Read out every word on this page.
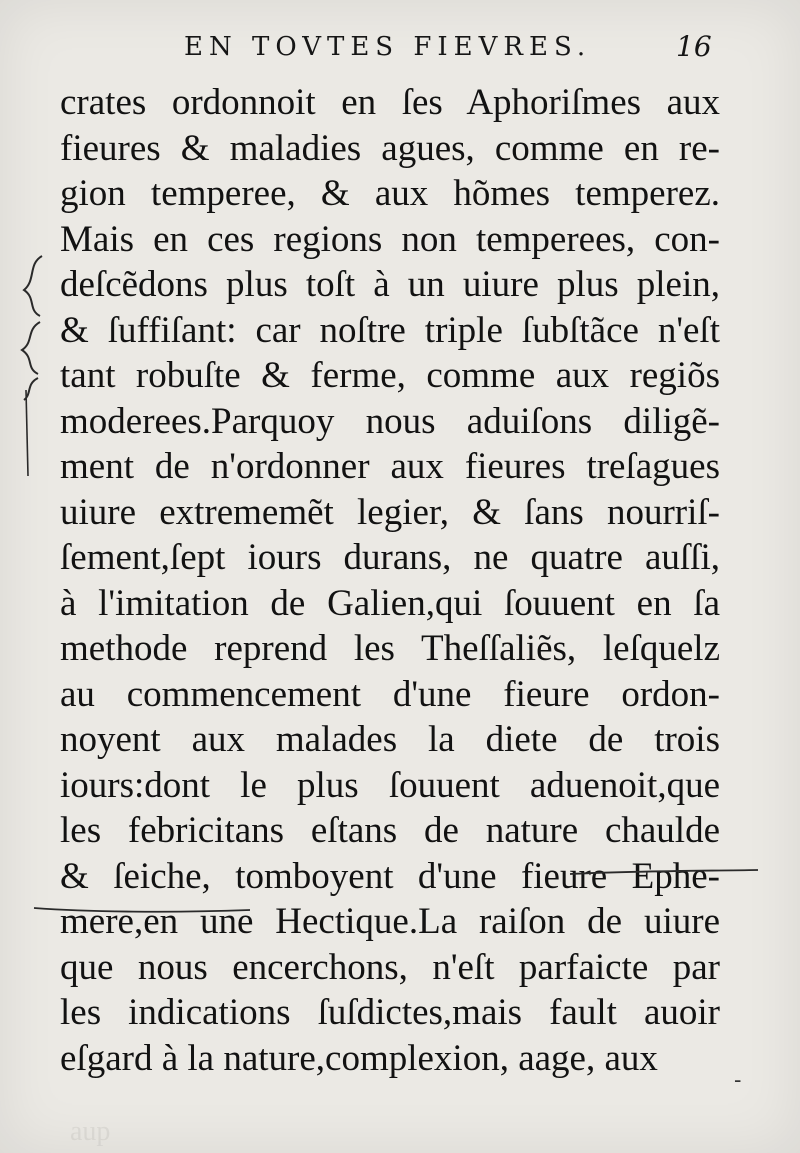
EN TOVTES FIEVRES.	16
crates ordonnoit en ſes Aphoriſmes aux
fieures & maladies agues, comme en re-
gion temperee, & aux hõmes temperez.
Mais en ces regions non temperees, con-
deſcẽdons plus toſt à un uiure plus plein,
& ſuffiſant: car noſtre triple ſubſtãce n'eſt
tant robuſte & ferme, comme aux regiõs
moderees.Parquoy nous aduiſons diligẽ-
ment de n'ordonner aux fieures treſagues
uiure extrememẽt legier, & ſans nourriſ-
ſement,ſept iours durans, ne quatre auſſi,
à l'imitation de Galien,qui ſouuent en ſa
methode reprend les Theſſaliẽs, leſquelz
au commencement d'une fieure ordon-
noyent aux malades la diete de trois
iours:dont le plus ſouuent aduenoit,que
les febricitans eſtans de nature chaulde
& ſeiche, tomboyent d'une fieure Ephe-
mere,en une Hectique.La raiſon de uiure
que nous encerchons, n'eſt parfaicte par
les indications ſuſdictes,mais fault auoir
eſgard à la nature,complexion, aage, aux
-
aup
